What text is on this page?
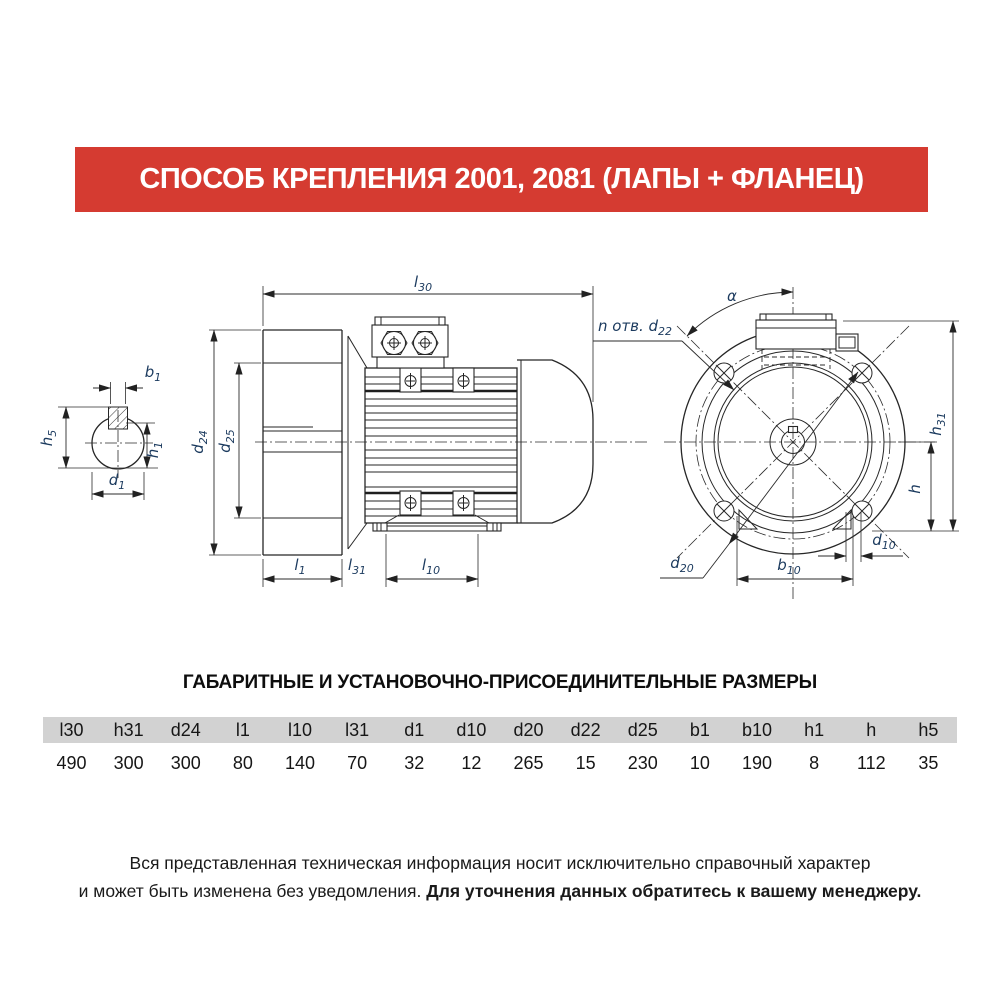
СПОСОБ КРЕПЛЕНИЯ 2001, 2081 (ЛАПЫ + ФЛАНЕЦ)
$l_{30}$
$b_1$
$h_5$
$h_1$
$d_1$
$d_{24}$
$d_{25}$
$l_1$	$l_{31}$	$l_{10}$
n отв. $d_{22}$
α
$h_{31}$
h
$d_{10}$
$b_{10}$
$d_{20}$
ГАБАРИТНЫЕ И УСТАНОВОЧНО-ПРИСОЕДИНИТЕЛЬНЫЕ РАЗМЕРЫ
l30	h31	d24	l1	l10	l31	d1	d10	d20	d22	d25	b1	b10	h1	h	h5
490	300	300	80	140	70	32	12	265	15	230	10	190	8	112	35
Вся представленная техническая информация носит исключительно справочный характер
и может быть изменена без уведомления. Для уточнения данных обратитесь к вашему менеджеру.
